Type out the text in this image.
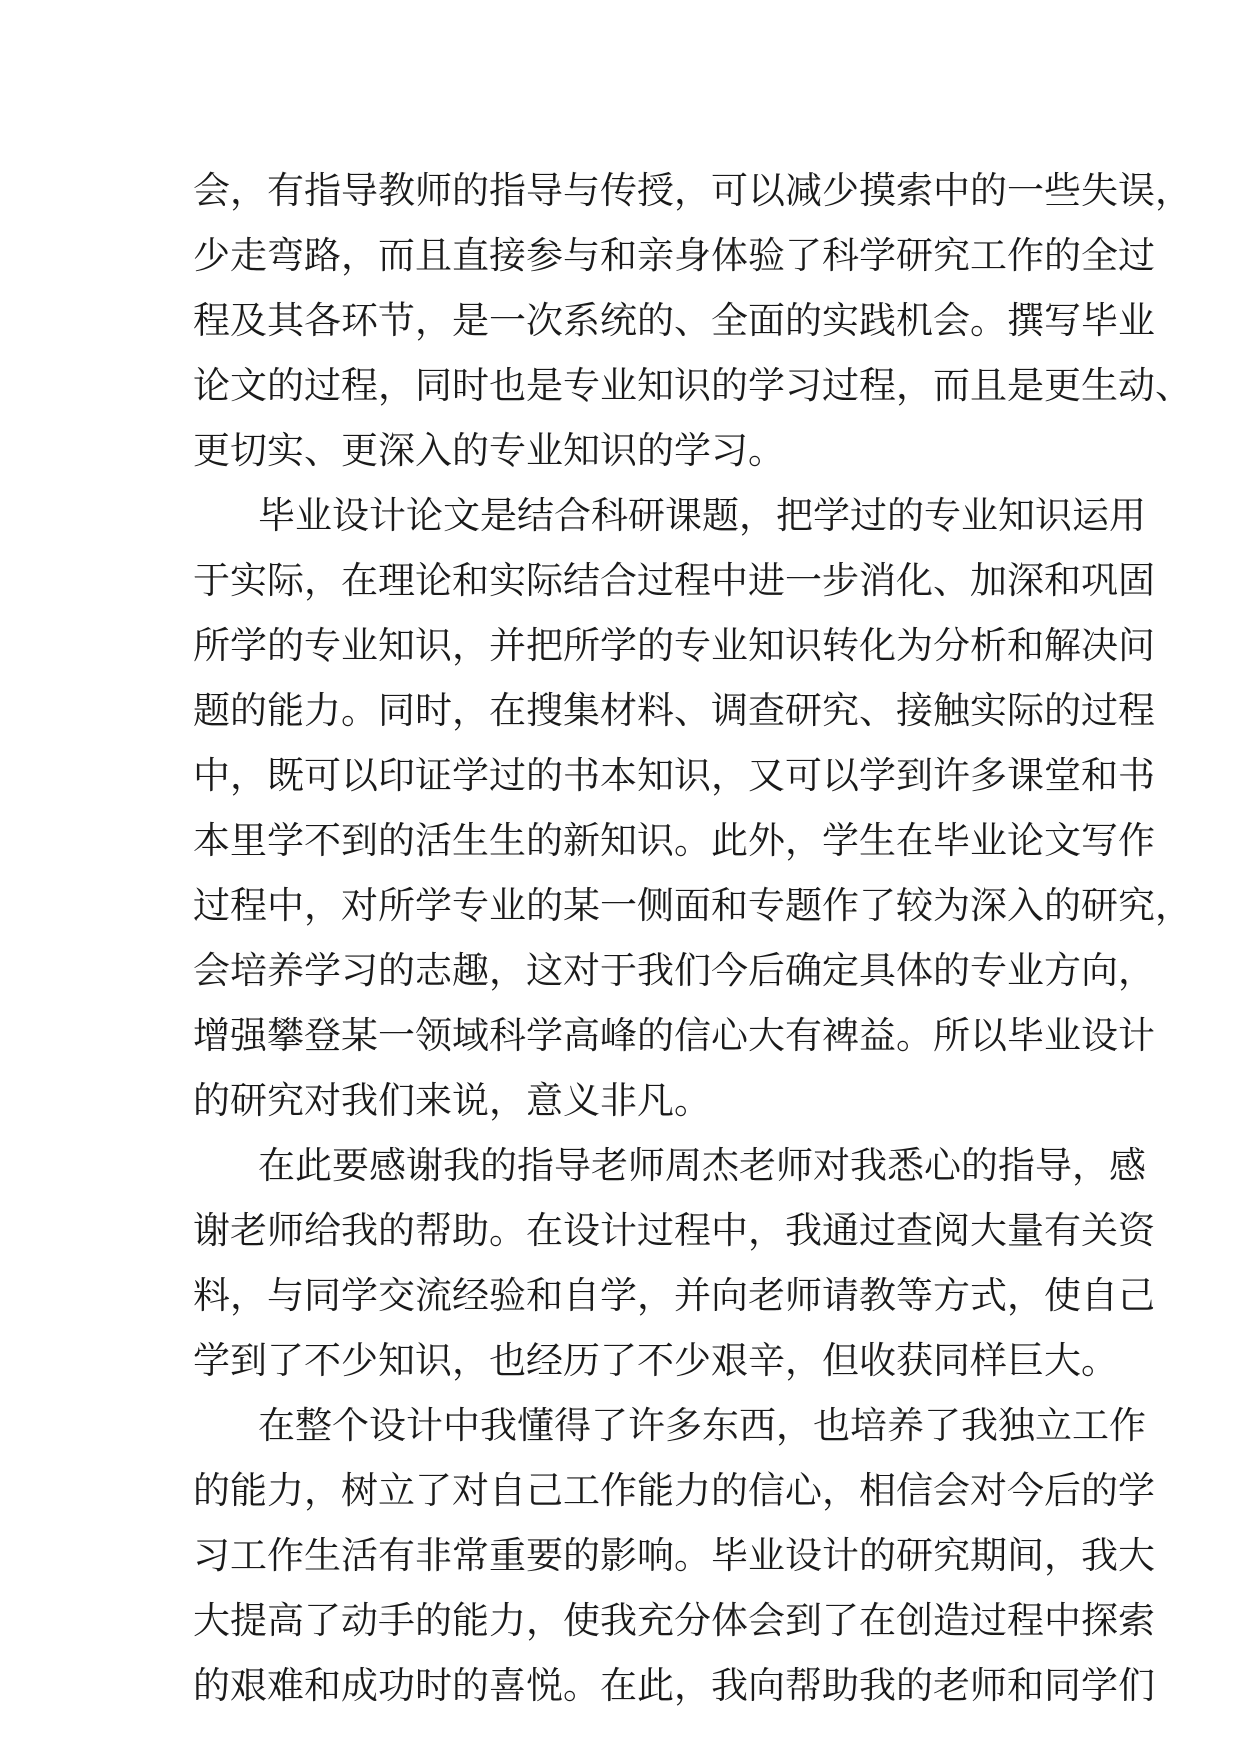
会，有指导教师的指导与传授，可以减少摸索中的一些失误，
少走弯路，而且直接参与和亲身体验了科学研究工作的全过
程及其各环节，是一次系统的、全面的实践机会。撰写毕业
论文的过程，同时也是专业知识的学习过程，而且是更生动、
更切实、更深入的专业知识的学习。
毕业设计论文是结合科研课题，把学过的专业知识运用
于实际，在理论和实际结合过程中进一步消化、加深和巩固
所学的专业知识，并把所学的专业知识转化为分析和解决问
题的能力。同时，在搜集材料、调查研究、接触实际的过程
中，既可以印证学过的书本知识，又可以学到许多课堂和书
本里学不到的活生生的新知识。此外，学生在毕业论文写作
过程中，对所学专业的某一侧面和专题作了较为深入的研究，
会培养学习的志趣，这对于我们今后确定具体的专业方向，
增强攀登某一领域科学高峰的信心大有裨益。所以毕业设计
的研究对我们来说，意义非凡。
在此要感谢我的指导老师周杰老师对我悉心的指导，感
谢老师给我的帮助。在设计过程中，我通过查阅大量有关资
料，与同学交流经验和自学，并向老师请教等方式，使自己
学到了不少知识，也经历了不少艰辛，但收获同样巨大。
在整个设计中我懂得了许多东西，也培养了我独立工作
的能力，树立了对自己工作能力的信心，相信会对今后的学
习工作生活有非常重要的影响。毕业设计的研究期间，我大
大提高了动手的能力，使我充分体会到了在创造过程中探索
的艰难和成功时的喜悦。在此，我向帮助我的老师和同学们
